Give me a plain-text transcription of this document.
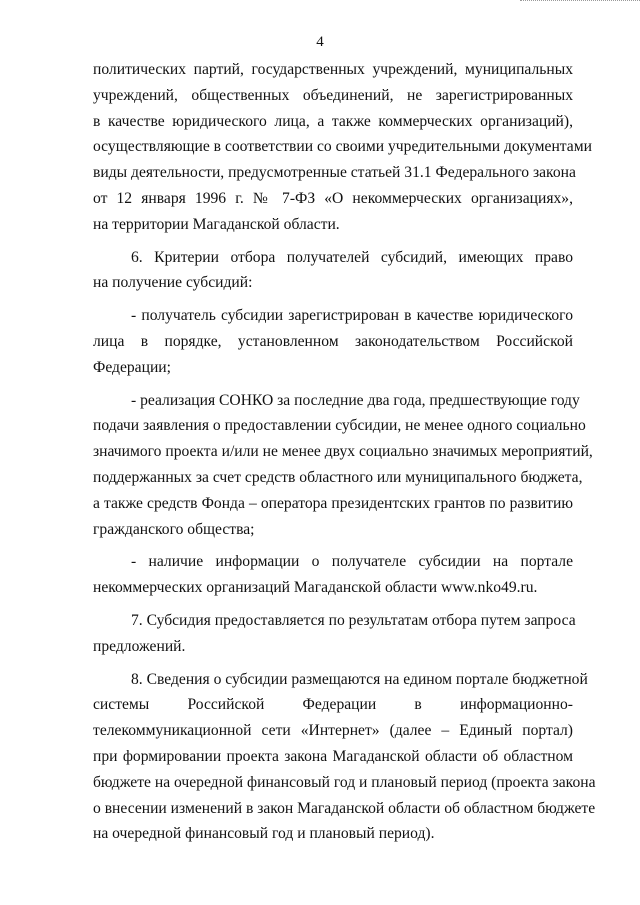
4
политических партий, государственных учреждений, муниципальных
учреждений, общественных объединений, не зарегистрированных
в качестве юридического лица, а также коммерческих организаций),
осуществляющие в соответствии со своими учредительными документами
виды деятельности, предусмотренные статьей 31.1 Федерального закона
от 12 января 1996 г. № 7-ФЗ «О некоммерческих организациях»,
на территории Магаданской области.
6. Критерии отбора получателей субсидий, имеющих право
на получение субсидий:
- получатель субсидии зарегистрирован в качестве юридического
лица в порядке, установленном законодательством Российской
Федерации;
- реализация СОНКО за последние два года, предшествующие году
подачи заявления о предоставлении субсидии, не менее одного социально
значимого проекта и/или не менее двух социально значимых мероприятий,
поддержанных за счет средств областного или муниципального бюджета,
а также средств Фонда – оператора президентских грантов по развитию
гражданского общества;
- наличие информации о получателе субсидии на портале
некоммерческих организаций Магаданской области www.nko49.ru.
7. Субсидия предоставляется по результатам отбора путем запроса
предложений.
8. Сведения о субсидии размещаются на едином портале бюджетной
системы Российской Федерации в информационно-
телекоммуникационной сети «Интернет» (далее – Единый портал)
при формировании проекта закона Магаданской области об областном
бюджете на очередной финансовый год и плановый период (проекта закона
о внесении изменений в закон Магаданской области об областном бюджете
на очередной финансовый год и плановый период).
